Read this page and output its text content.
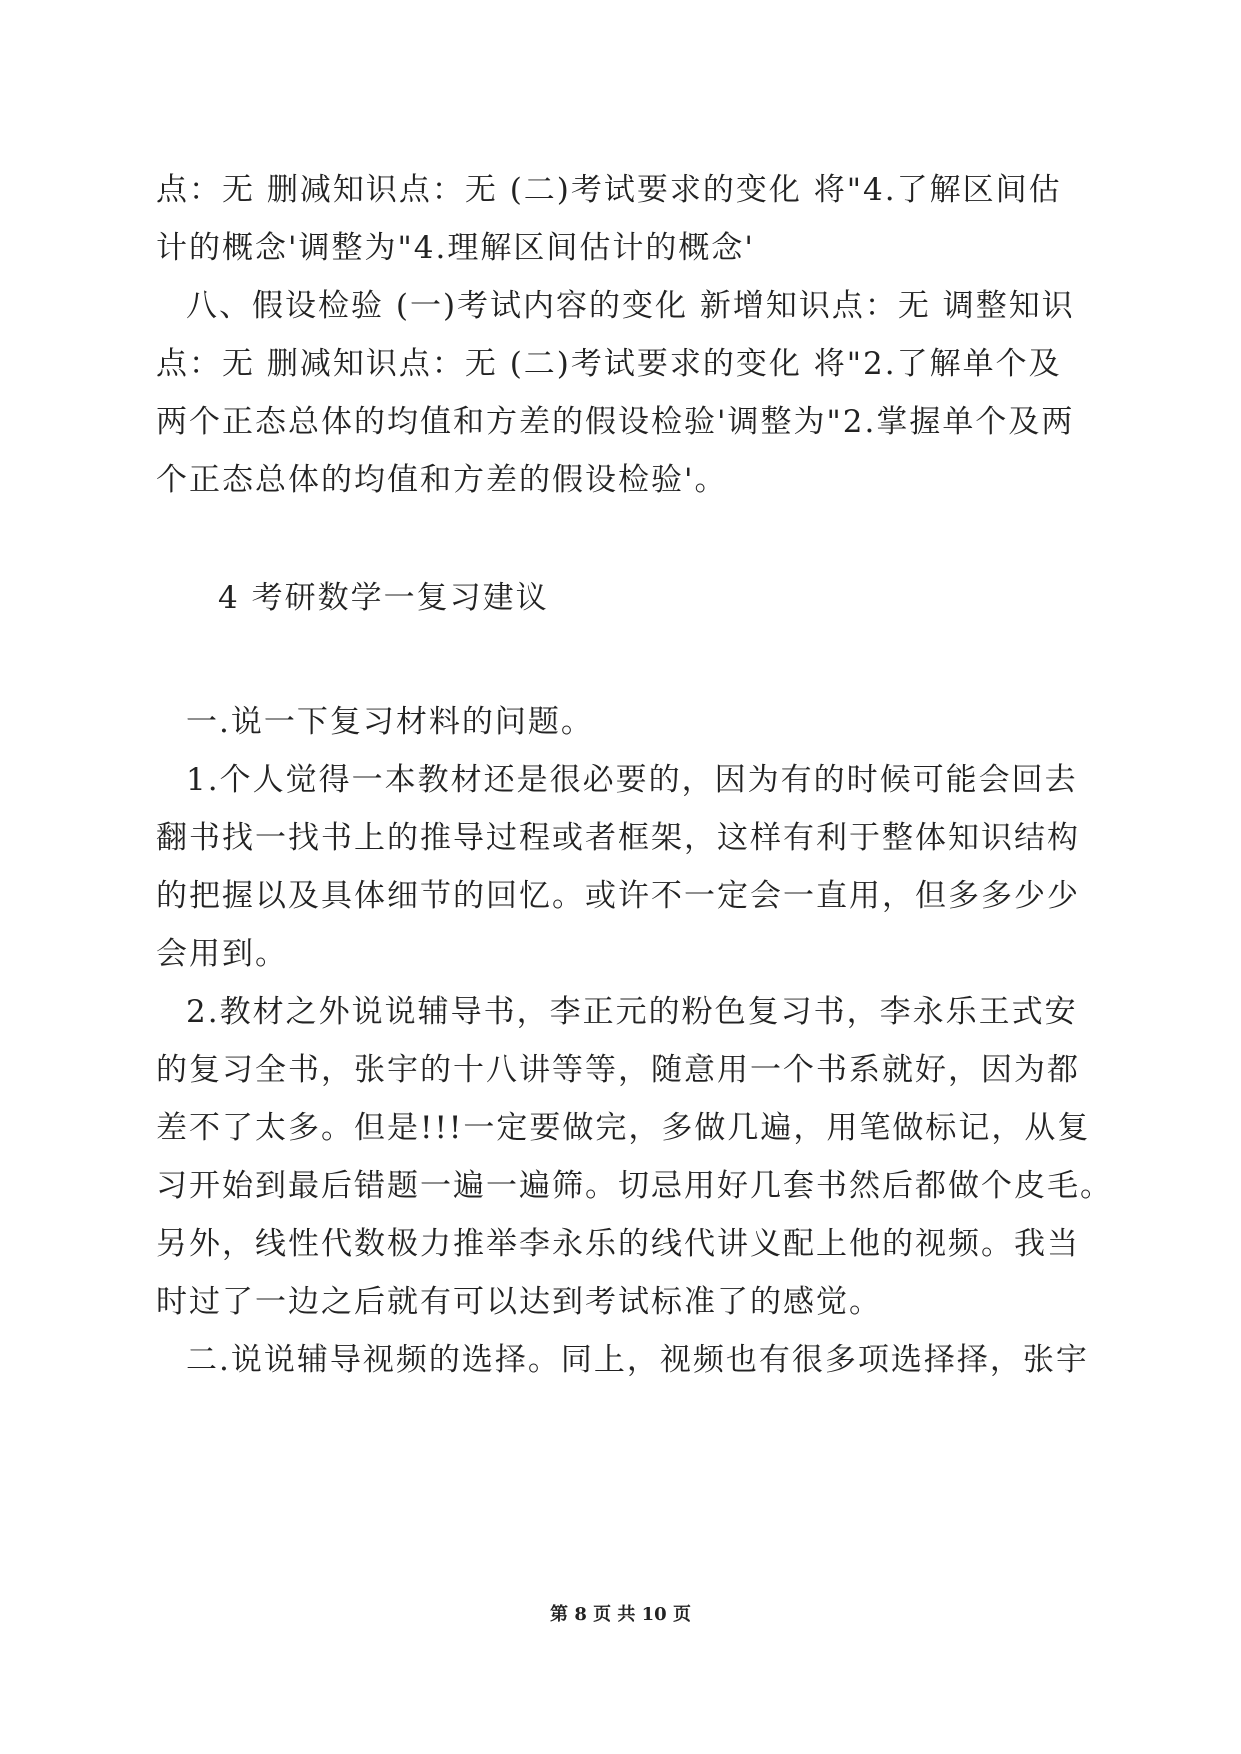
点：无 删减知识点：无 (二)考试要求的变化 将"4.了解区间估
计的概念'调整为"4.理解区间估计的概念'
八、假设检验 (一)考试内容的变化 新增知识点：无 调整知识
点：无 删减知识点：无 (二)考试要求的变化 将"2.了解单个及
两个正态总体的均值和方差的假设检验'调整为"2.掌握单个及两
个正态总体的均值和方差的假设检验'。
4 考研数学一复习建议
一.说一下复习材料的问题。
1.个人觉得一本教材还是很必要的，因为有的时候可能会回去
翻书找一找书上的推导过程或者框架，这样有利于整体知识结构
的把握以及具体细节的回忆。或许不一定会一直用，但多多少少
会用到。
2.教材之外说说辅导书，李正元的粉色复习书，李永乐王式安
的复习全书，张宇的十八讲等等，随意用一个书系就好，因为都
差不了太多。但是!!!一定要做完，多做几遍，用笔做标记，从复
习开始到最后错题一遍一遍筛。切忌用好几套书然后都做个皮毛。
另外，线性代数极力推举李永乐的线代讲义配上他的视频。我当
时过了一边之后就有可以达到考试标准了的感觉。
二.说说辅导视频的选择。同上，视频也有很多项选择择，张宇
第 8 页 共 10 页
